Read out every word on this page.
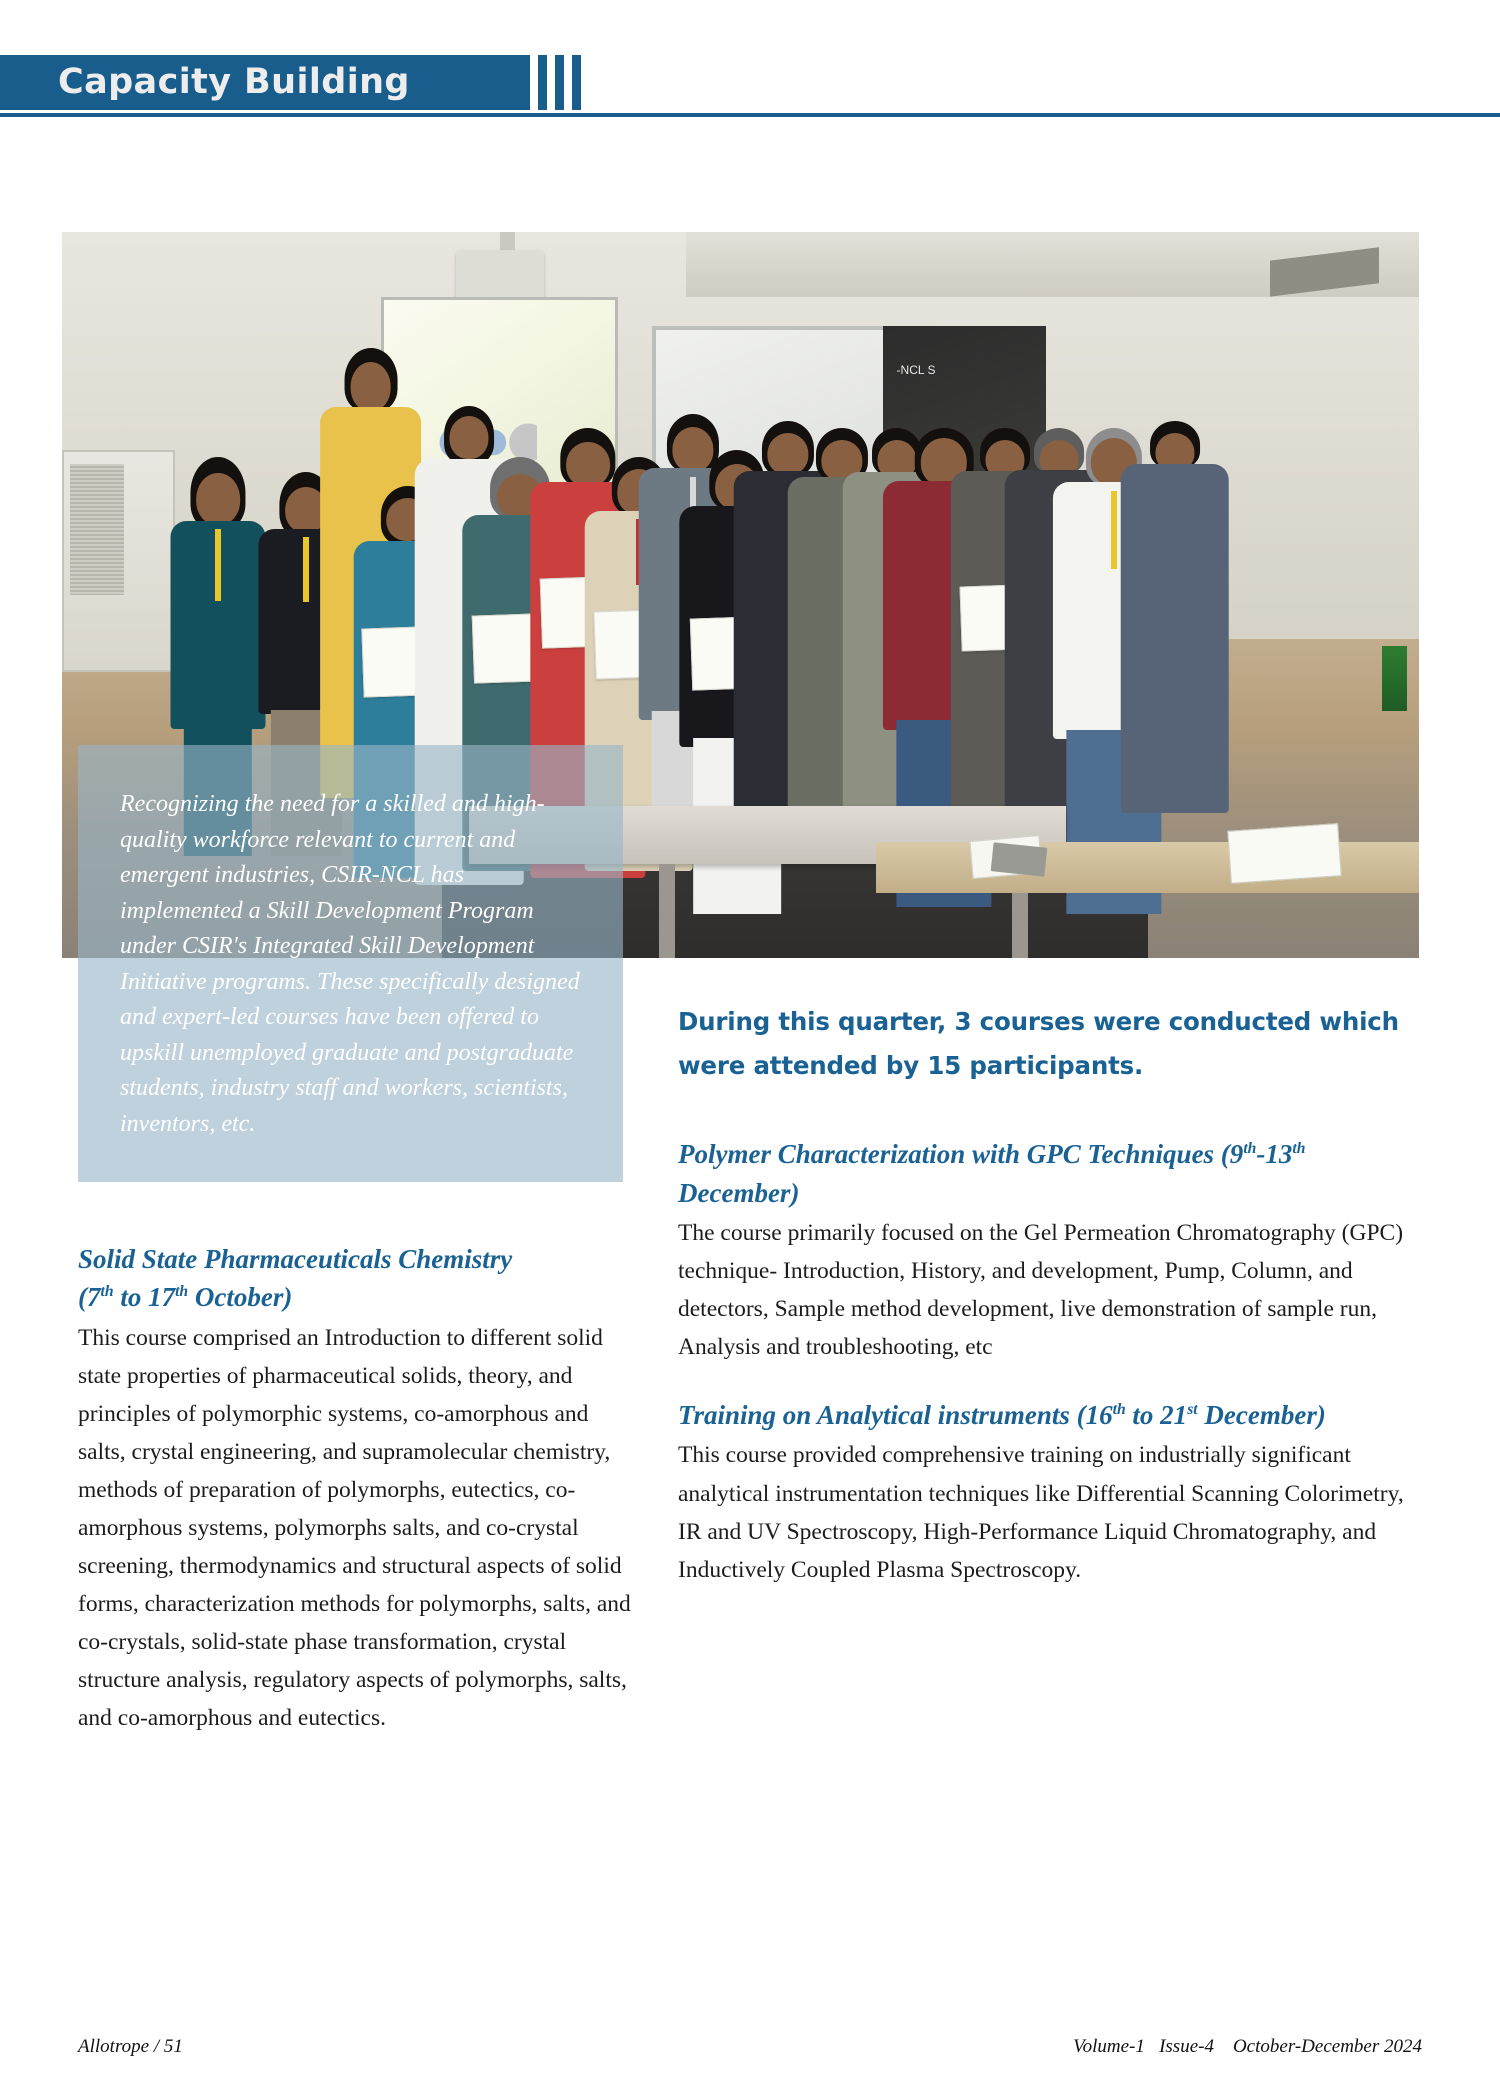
Capacity Building
-NCL S
Recognizing the need for a skilled and high-quality workforce relevant to current and emergent industries, CSIR-NCL has implemented a Skill Development Program under CSIR's Integrated Skill Development Initiative programs. These specifically designed and expert-led courses have been offered to upskill unemployed graduate and postgraduate students, industry staff and workers, scientists, inventors, etc.
Solid State Pharmaceuticals Chemistry
(7th to 17th October)

This course comprised an Introduction to different solid state properties of pharmaceutical solids, theory, and principles of polymorphic systems, co-amorphous and salts, crystal engineering, and supramolecular chemistry, methods of preparation of polymorphs, eutectics, co-amorphous systems, polymorphs salts, and co-crystal screening, thermodynamics and structural aspects of solid forms, characterization methods for polymorphs, salts, and co-crystals, solid-state phase transformation, crystal structure analysis, regulatory aspects of polymorphs, salts, and co-amorphous and eutectics.

During this quarter, 3 courses were conducted which were attended by 15 participants.

Polymer Characterization with GPC Techniques (9th-13th December)

The course primarily focused on the Gel Permeation Chromatography (GPC) technique- Introduction, History, and development, Pump, Column, and detectors, Sample method development, live demonstration of sample run, Analysis and troubleshooting, etc

Training on Analytical instruments (16th to 21st December)

This course provided comprehensive training on industrially significant analytical instrumentation techniques like Differential Scanning Colorimetry, IR and UV Spectroscopy, High-Performance Liquid Chromatography, and Inductively Coupled Plasma Spectroscopy.

Allotrope / 51	Volume-1   Issue-4    October-December 2024
